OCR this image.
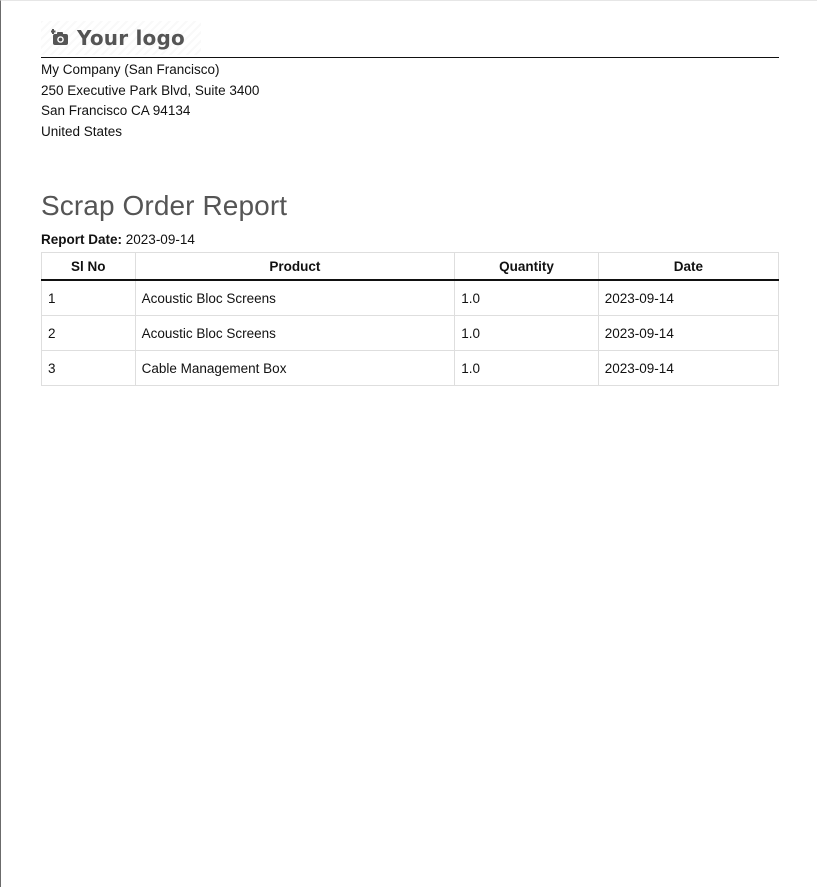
Your logo
My Company (San Francisco)
250 Executive Park Blvd, Suite 3400
San Francisco CA 94134
United States
Scrap Order Report
Report Date: 2023-09-14
Sl No	Product	Quantity	Date
1	Acoustic Bloc Screens	1.0	2023-09-14
2	Acoustic Bloc Screens	1.0	2023-09-14
3	Cable Management Box	1.0	2023-09-14
